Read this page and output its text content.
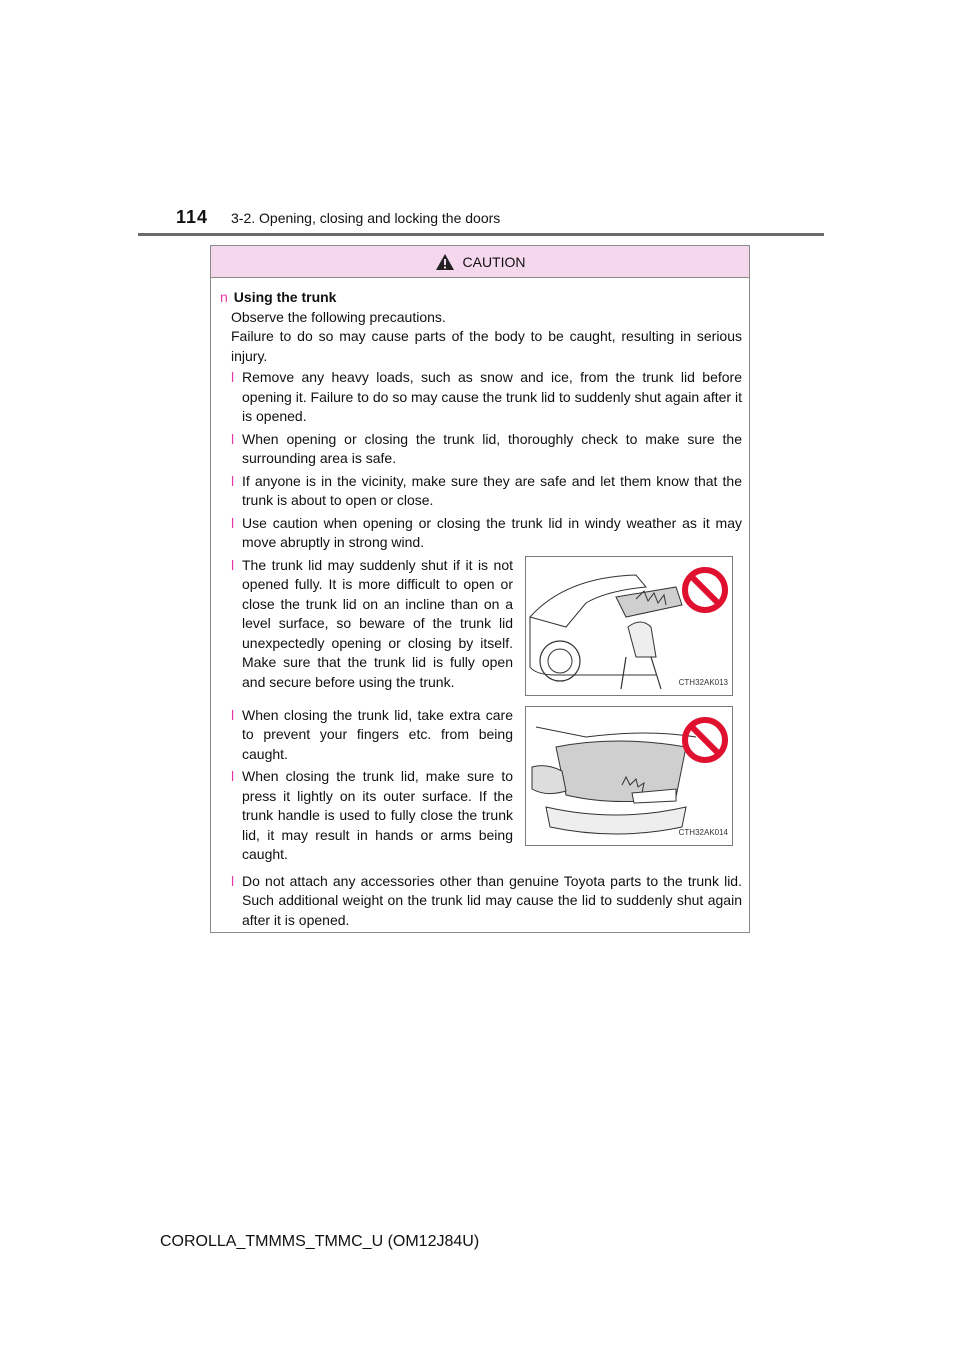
114 3-2. Opening, closing and locking the doors
CAUTION
n Using the trunk
Observe the following precautions.
Failure to do so may cause parts of the body to be caught, resulting in serious injury.
l Remove any heavy loads, such as snow and ice, from the trunk lid before opening it. Failure to do so may cause the trunk lid to suddenly shut again after it is opened.
l When opening or closing the trunk lid, thoroughly check to make sure the surrounding area is safe.
l If anyone is in the vicinity, make sure they are safe and let them know that the trunk is about to open or close.
l Use caution when opening or closing the trunk lid in windy weather as it may move abruptly in strong wind.
l The trunk lid may suddenly shut if it is not opened fully. It is more difficult to open or close the trunk lid on an incline than on a level surface, so beware of the trunk lid unexpectedly opening or closing by itself. Make sure that the trunk lid is fully open and secure before using the trunk.	CTH32AK013
l When closing the trunk lid, take extra care to prevent your fingers etc. from being caught.
l When closing the trunk lid, make sure to press it lightly on its outer surface. If the trunk handle is used to fully close the trunk lid, it may result in hands or arms being caught.
CTH32AK014
l Do not attach any accessories other than genuine Toyota parts to the trunk lid. Such additional weight on the trunk lid may cause the lid to suddenly shut again after it is opened.
COROLLA_TMMMS_TMMC_U (OM12J84U)
